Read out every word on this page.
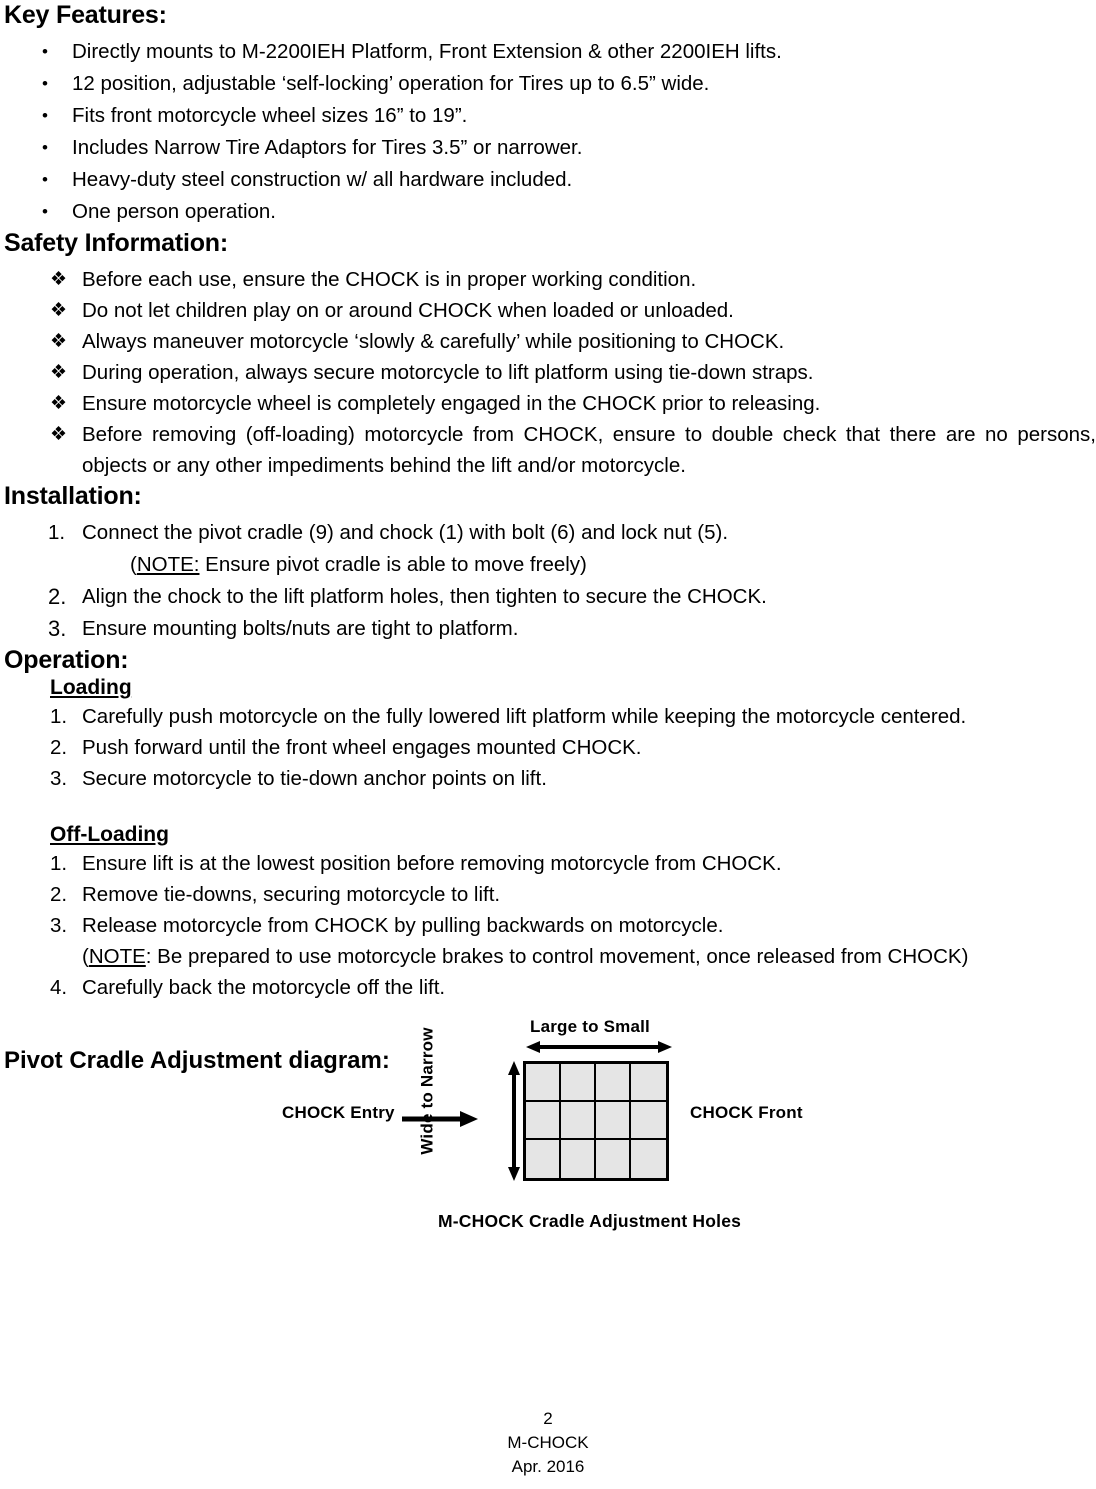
Key Features:
•	Directly mounts to M-2200IEH Platform, Front Extension & other 2200IEH lifts.
•	12 position, adjustable ‘self-locking’ operation for Tires up to 6.5” wide.
•	Fits front motorcycle wheel sizes 16” to 19”.
•	Includes Narrow Tire Adaptors for Tires 3.5” or narrower.
•	Heavy-duty steel construction w/ all hardware included.
•	One person operation.
Safety Information:
❖ Before each use, ensure the CHOCK is in proper working condition.
❖ Do not let children play on or around CHOCK when loaded or unloaded.
❖ Always maneuver motorcycle ‘slowly & carefully’ while positioning to CHOCK.
❖ During operation, always secure motorcycle to lift platform using tie-down straps.
❖ Ensure motorcycle wheel is completely engaged in the CHOCK prior to releasing.
❖ Before removing (off-loading) motorcycle from CHOCK, ensure to double check that there are no persons, objects or any other impediments behind the lift and/or motorcycle.
Installation:
1. Connect the pivot cradle (9) and chock (1) with bolt (6) and lock nut (5).
(NOTE: Ensure pivot cradle is able to move freely)
2. Align the chock to the lift platform holes, then tighten to secure the CHOCK.
3. Ensure mounting bolts/nuts are tight to platform.
Operation:
Loading
1. Carefully push motorcycle on the fully lowered lift platform while keeping the motorcycle centered.
2. Push forward until the front wheel engages mounted CHOCK.
3. Secure motorcycle to tie-down anchor points on lift.
Off-Loading
1. Ensure lift is at the lowest position before removing motorcycle from CHOCK.
2. Remove tie-downs, securing motorcycle to lift.
3. Release motorcycle from CHOCK by pulling backwards on motorcycle.
(NOTE: Be prepared to use motorcycle brakes to control movement, once released from CHOCK)
4. Carefully back the motorcycle off the lift.
Pivot Cradle Adjustment diagram:
Large to Small
Wide to Narrow
CHOCK Entry	CHOCK Front
M-CHOCK Cradle Adjustment Holes
2
M-CHOCK
Apr. 2016
